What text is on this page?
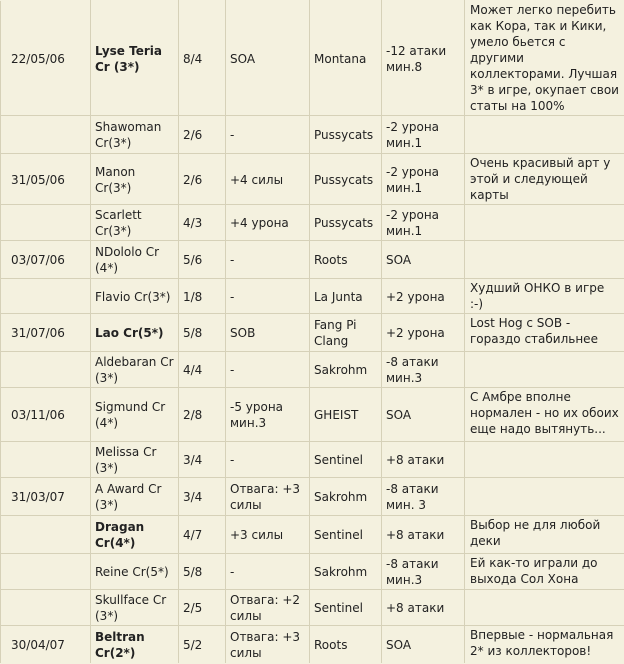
22/05/06	Lyse Teria Cr (3*)	8/4	SOA	Montana	-12 атаки мин.8	Может легко перебить как Кора, так и Кики, умело бьется с другими коллекторами. Лучшая 3* в игре, окупает свои статы на 100%
	Shawoman Cr(3*)	2/6	-	Pussycats	-2 урона мин.1	
31/05/06	Manon Cr(3*)	2/6	+4 силы	Pussycats	-2 урона мин.1	Очень красивый арт у этой и следующей карты
	Scarlett Cr(3*)	4/3	+4 урона	Pussycats	-2 урона мин.1	
03/07/06	NDololo Cr (4*)	5/6	-	Roots	SOA	
	Flavio Cr(3*)	1/8	-	La Junta	+2 урона	Худший ОНКО в игре :-)
31/07/06	Lao Cr(5*)	5/8	SOB	Fang Pi Clang	+2 урона	Lost Hog с SOB - гораздо стабильнее
	Aldebaran Cr (3*)	4/4	-	Sakrohm	-8 атаки мин.3	
03/11/06	Sigmund Cr (4*)	2/8	-5 урона мин.3	GHEIST	SOA	С Амбре вполне нормален - но их обоих еще надо вытянуть...
	Melissa Cr (3*)	3/4	-	Sentinel	+8 атаки	
31/03/07	A Award Cr (3*)	3/4	Отвага: +3 силы	Sakrohm	-8 атаки мин. 3	
	Dragan Cr(4*)	4/7	+3 силы	Sentinel	+8 атаки	Выбор не для любой деки
	Reine Cr(5*)	5/8	-	Sakrohm	-8 атаки мин.3	Ей как-то играли до выхода Сол Хона
	Skullface Cr (3*)	2/5	Отвага: +2 силы	Sentinel	+8 атаки	
30/04/07	Beltran Cr(2*)	5/2	Отвага: +3 силы	Roots	SOA	Впервые - нормальная 2* из коллекторов!
